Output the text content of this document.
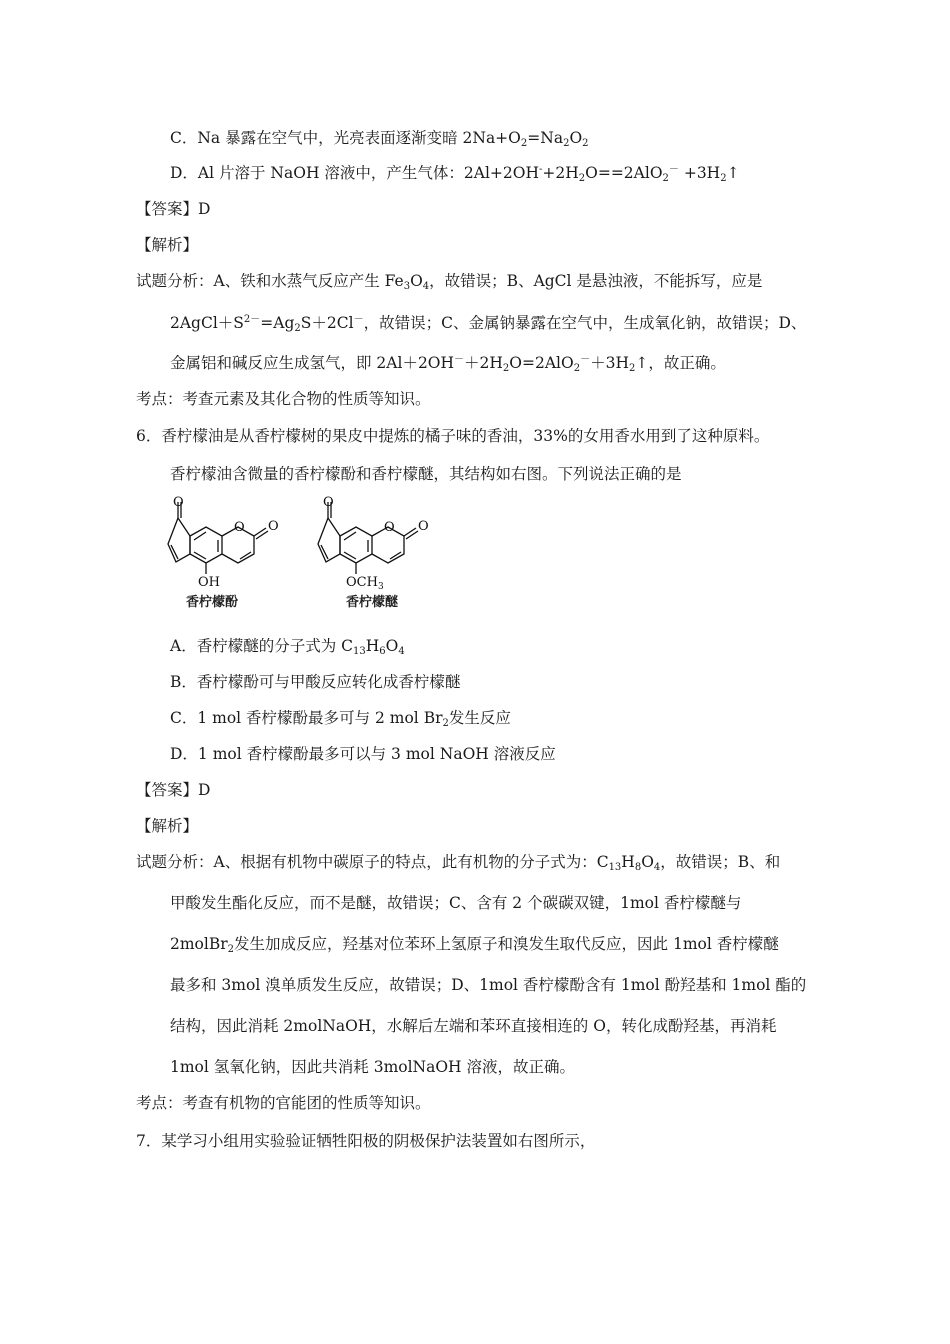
C．Na 暴露在空气中，光亮表面逐渐变暗 $2Na+O_2=Na_2O_2$
D．Al 片溶于 NaOH 溶液中，产生气体：$2Al+2OH^-+2H_2O==2AlO_2^-$ $+3H_2↑$
【答案】D
【解析】
试题分析：A、铁和水蒸气反应产生 $Fe_3O_4$，故错误；B、AgCl 是悬浊液，不能拆写，应是
$2AgCl+S^{2-}=Ag_2S+2Cl^-$，故错误；C、金属钠暴露在空气中，生成氧化钠，故错误；D、
金属铝和碱反应生成氢气，即 $2Al+2OH^-+2H_2O=2AlO_2^-+3H_2↑$，故正确。
考点：考查元素及其化合物的性质等知识。
6．香柠檬油是从香柠檬树的果皮中提炼的橘子味的香油，33%的女用香水用到了这种原料。
香柠檬油含微量的香柠檬酚和香柠檬醚，其结构如右图。下列说法正确的是
O
O O
OH
香柠檬酚
O
O O
$OCH_3$
香柠檬醚
A．香柠檬醚的分子式为 $C_{13}H_6O_4$
B．香柠檬酚可与甲酸反应转化成香柠檬醚
C．1 mol 香柠檬酚最多可与 2 mol $Br_2$发生反应
D．1 mol 香柠檬酚最多可以与 3 mol NaOH 溶液反应
【答案】D
【解析】
试题分析：A、根据有机物中碳原子的特点，此有机物的分子式为：$C_{13}H_8O_4$，故错误；B、和
甲酸发生酯化反应，而不是醚，故错误；C、含有 2 个碳碳双键，1mol 香柠檬醚与
2molBr$_2$发生加成反应，羟基对位苯环上氢原子和溴发生取代反应，因此 1mol 香柠檬醚
最多和 3mol 溴单质发生反应，故错误；D、1mol 香柠檬酚含有 1mol 酚羟基和 1mol 酯的
结构，因此消耗 2molNaOH，水解后左端和苯环直接相连的 O，转化成酚羟基，再消耗
1mol 氢氧化钠，因此共消耗 3molNaOH 溶液，故正确。
考点：考查有机物的官能团的性质等知识。
7．某学习小组用实验验证牺牲阳极的阴极保护法装置如右图所示，
